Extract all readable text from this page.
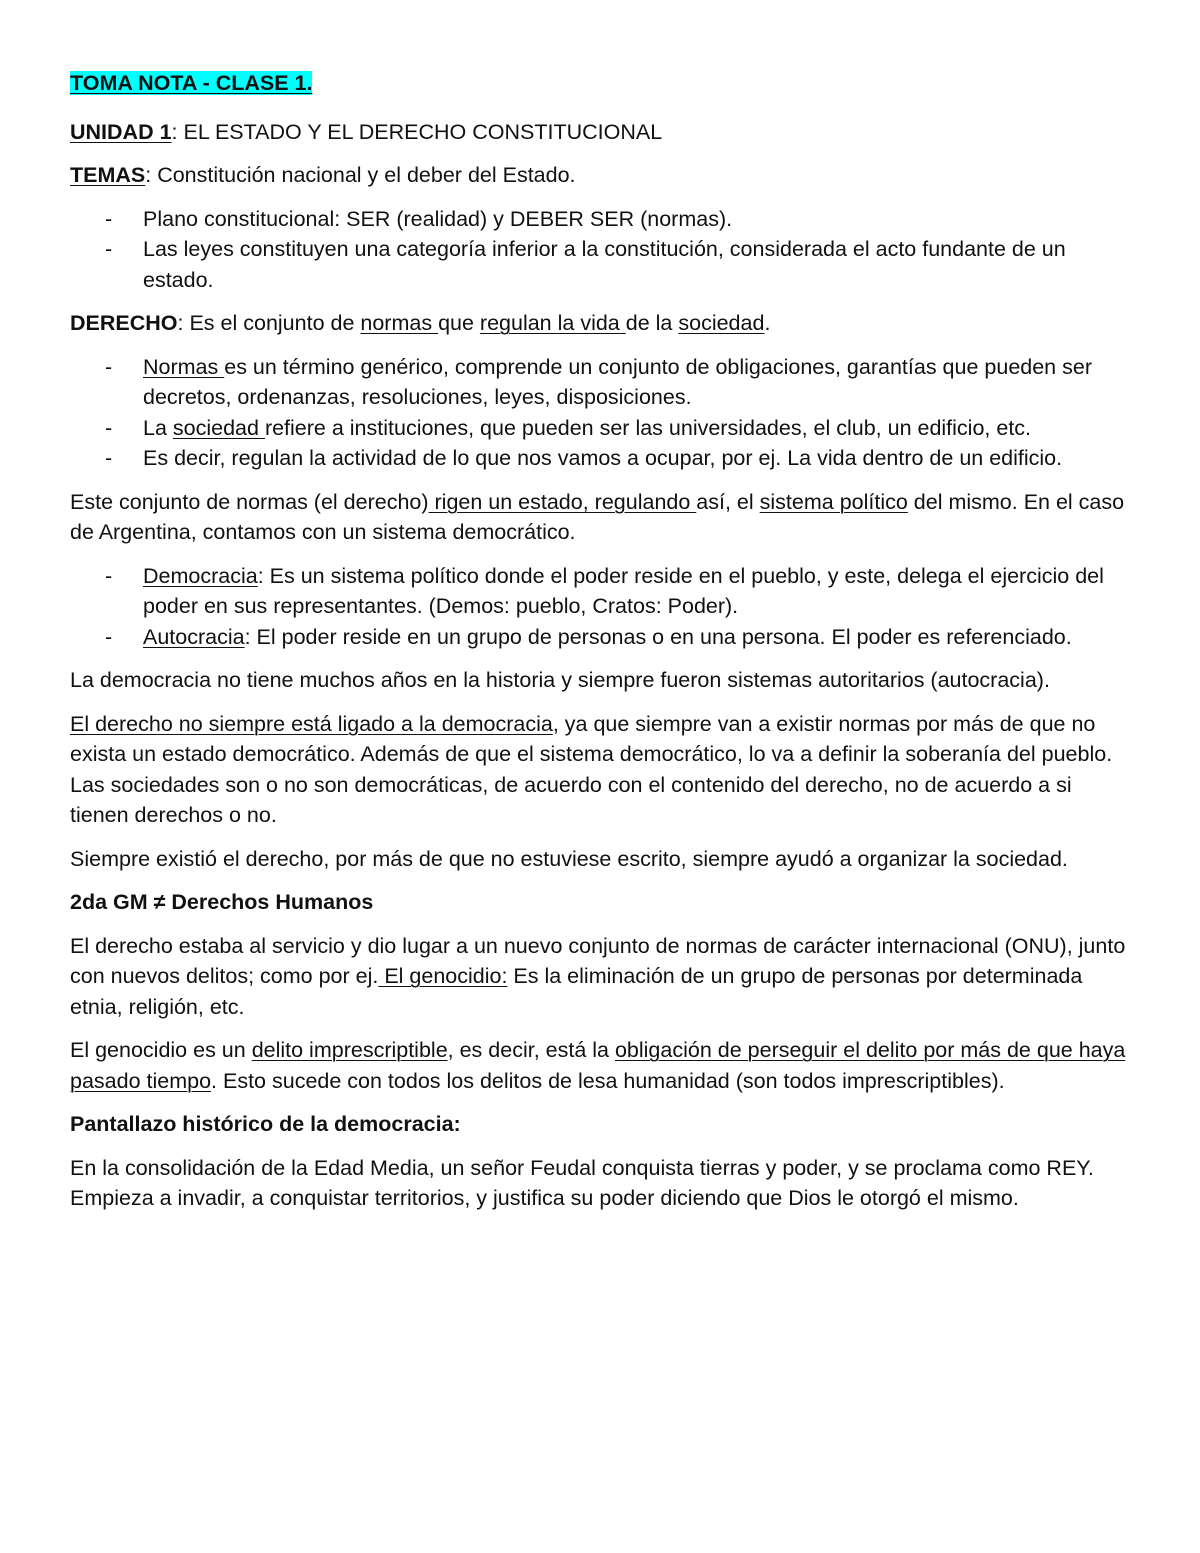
TOMA NOTA - CLASE 1.

UNIDAD 1: EL ESTADO Y EL DERECHO CONSTITUCIONAL

TEMAS: Constitución nacional y el deber del Estado.

- Plano constitucional: SER (realidad) y DEBER SER (normas).
- Las leyes constituyen una categoría inferior a la constitución, considerada el acto fundante de un estado.

DERECHO: Es el conjunto de normas que regulan la vida de la sociedad.

- Normas es un término genérico, comprende un conjunto de obligaciones, garantías que pueden ser decretos, ordenanzas, resoluciones, leyes, disposiciones.
- La sociedad refiere a instituciones, que pueden ser las universidades, el club, un edificio, etc.
- Es decir, regulan la actividad de lo que nos vamos a ocupar, por ej. La vida dentro de un edificio.

Este conjunto de normas (el derecho) rigen un estado, regulando así, el sistema político del mismo. En el caso de Argentina, contamos con un sistema democrático.

- Democracia: Es un sistema político donde el poder reside en el pueblo, y este, delega el ejercicio del poder en sus representantes. (Demos: pueblo, Cratos: Poder).
- Autocracia: El poder reside en un grupo de personas o en una persona. El poder es referenciado.

La democracia no tiene muchos años en la historia y siempre fueron sistemas autoritarios (autocracia).

El derecho no siempre está ligado a la democracia, ya que siempre van a existir normas por más de que no exista un estado democrático. Además de que el sistema democrático, lo va a definir la soberanía del pueblo. Las sociedades son o no son democráticas, de acuerdo con el contenido del derecho, no de acuerdo a si tienen derechos o no.

Siempre existió el derecho, por más de que no estuviese escrito, siempre ayudó a organizar la sociedad.

2da GM ≠ Derechos Humanos

El derecho estaba al servicio y dio lugar a un nuevo conjunto de normas de carácter internacional (ONU), junto con nuevos delitos; como por ej. El genocidio: Es la eliminación de un grupo de personas por determinada etnia, religión, etc.

El genocidio es un delito imprescriptible, es decir, está la obligación de perseguir el delito por más de que haya pasado tiempo. Esto sucede con todos los delitos de lesa humanidad (son todos imprescriptibles).

Pantallazo histórico de la democracia:

En la consolidación de la Edad Media, un señor Feudal conquista tierras y poder, y se proclama como REY. Empieza a invadir, a conquistar territorios, y justifica su poder diciendo que Dios le otorgó el mismo.
